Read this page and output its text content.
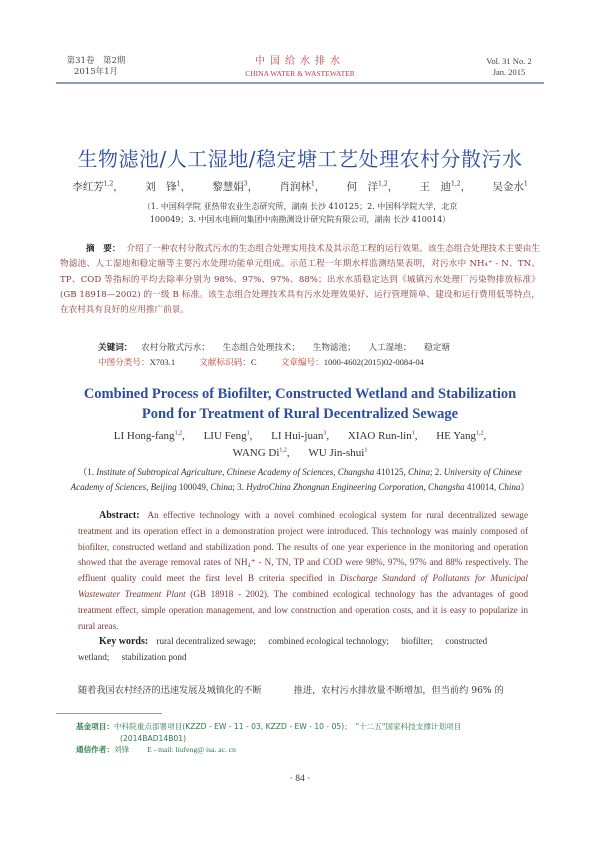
第31卷　第2期
2015年1月
中国给水排水
CHINA WATER & WASTEWATER
Vol. 31 No. 2
Jan. 2015
生物滤池/人工湿地/稳定塘工艺处理农村分散污水
李红芳$^{1,2}$， 刘　锋$^1$， 黎慧娟$^3$， 肖润林$^1$， 何　洋$^{1,2}$， 王　迪$^{1,2}$， 吴金水$^1$
（1. 中国科学院 亚热带农业生态研究所，湖南 长沙 410125；2. 中国科学院大学，北京
100049；3. 中国水电顾问集团中南勘测设计研究院有限公司，湖南 长沙 410014）
摘　要： 介绍了一种农村分散式污水的生态组合处理实用技术及其示范工程的运行效果。该生态组合处理技术主要由生物滤池、人工湿地和稳定塘等主要污水处理功能单元组成。示范工程一年期水样监测结果表明，对污水中 NH₄⁺ - N、TN、TP、COD 等指标的平均去除率分别为 98%、97%、97%、88%；出水水质稳定达到《城镇污水处理厂污染物排放标准》(GB 18918—2002) 的一级 B 标准。该生态组合处理技术具有污水处理效果好、运行管理简单、建设和运行费用低等特点，在农村具有良好的应用推广前景。
关键词： 农村分散式污水； 生态组合处理技术； 生物滤池； 人工湿地； 稳定塘
中图分类号：X703.1	文献标识码：C	文章编号：1000-4602(2015)02-0084-04
Combined Process of Biofilter, Constructed Wetland and Stabilization
Pond for Treatment of Rural Decentralized Sewage
LI Hong-fang$^{1,2}$, LIU Feng$^1$, LI Hui-juan$^3$, XIAO Run-lin$^1$, HE Yang$^{1,2}$,
WANG Di$^{1,2}$, WU Jin-shui$^1$
（1. Institute of Subtropical Agriculture, Chinese Academy of Sciences, Changsha 410125, China; 2. University of Chinese Academy of Sciences, Beijing 100049, China; 3. HydroChina Zhongnan Engineering Corporation, Changsha 410014, China）
Abstract: An effective technology with a novel combined ecological system for rural decentralized sewage treatment and its operation effect in a demonstration project were introduced. This technology was mainly composed of biofilter, constructed wetland and stabilization pond. The results of one year experience in the monitoring and operation showed that the average removal rates of NH₄⁺ - N, TN, TP and COD were 98%, 97%, 97% and 88% respectively. The effluent quality could meet the first level B criteria specified in Discharge Standard of Pollutants for Municipal Wastewater Treatment Plant (GB 18918 - 2002). The combined ecological technology has the advantages of good treatment effect, simple operation management, and low construction and operation costs, and it is easy to popularize in rural areas.
Key words: rural decentralized sewage; combined ecological technology; biofilter; constructed wetland; stabilization pond
随着我国农村经济的迅速发展及城镇化的不断	推进，农村污水排放量不断增加，但当前约 96% 的
基金项目：中科院重点部署项目(KZZD - EW - 11 - 03, KZZD - EW - 10 - 05)；　"十二五"国家科技支撑计划项目
(2014BAD14B01)
通信作者：刘锋 E - mail: liufeng@ isa. ac. cn
· 84 ·
